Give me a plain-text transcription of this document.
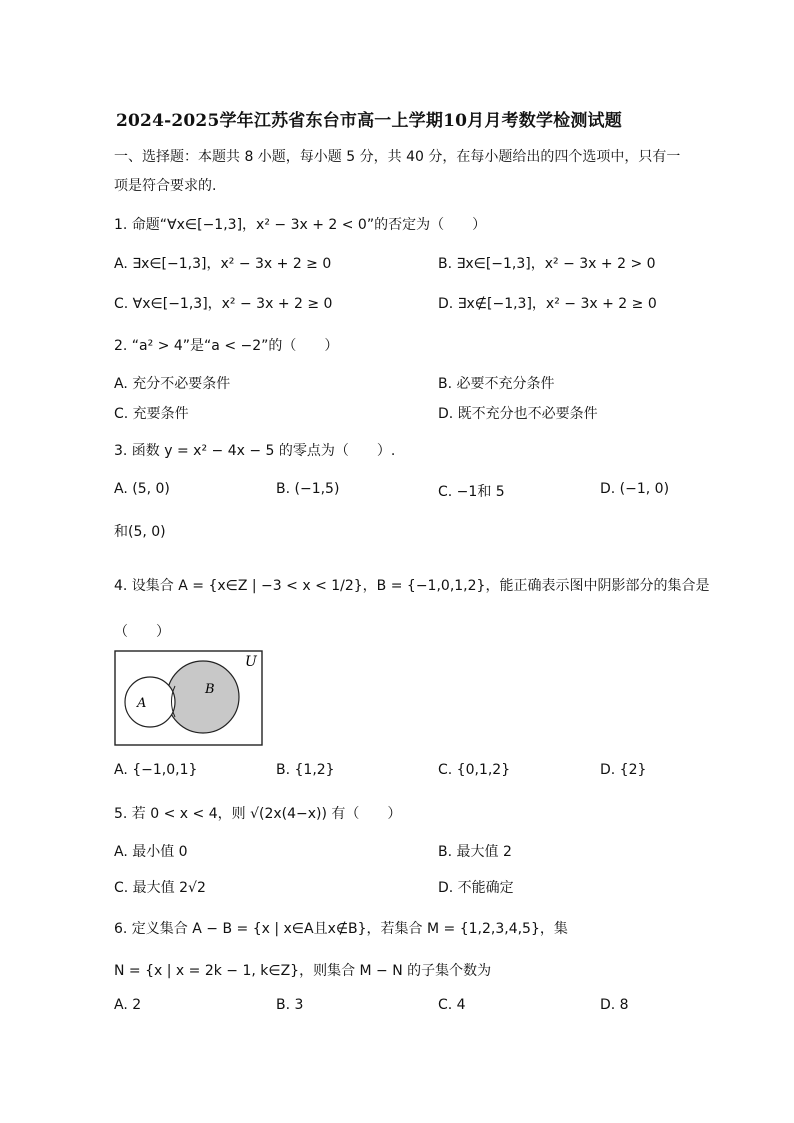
2024-2025学年江苏省东台市高一上学期10月月考数学检测试题
一、选择题：本题共 8 小题，每小题 5 分，共 40 分，在每小题给出的四个选项中，只有一
项是符合要求的.
1. 命题“∀x∈[−1,3]，x² − 3x + 2 < 0”的否定为（　　）
A. ∃x∈[−1,3]，x² − 3x + 2 ≥ 0	B. ∃x∈[−1,3]，x² − 3x + 2 > 0
C. ∀x∈[−1,3]，x² − 3x + 2 ≥ 0	D. ∃x∉[−1,3]，x² − 3x + 2 ≥ 0
2. “a² > 4”是“a < −2”的（　　）
A. 充分不必要条件	B. 必要不充分条件
C. 充要条件	D. 既不充分也不必要条件
3. 函数 y = x² − 4x − 5 的零点为（　　）.
A. (5, 0)	B. (−1,5)	C. −1和 5	D. (−1, 0)
和(5, 0)
4. 设集合 A = {x∈Z | −3 < x < 1/2}，B = {−1,0,1,2}，能正确表示图中阴影部分的集合是
（　　）
U
B
A
A. {−1,0,1}	B. {1,2}	C. {0,1,2}	D. {2}
5. 若 0 < x < 4，则 √(2x(4−x)) 有（　　）
A. 最小值 0	B. 最大值 2
C. 最大值 2√2	D. 不能确定
6. 定义集合 A − B = {x | x∈A且x∉B}，若集合 M = {1,2,3,4,5}，集
N = {x | x = 2k − 1, k∈Z}，则集合 M − N 的子集个数为
A. 2	B. 3	C. 4	D. 8
